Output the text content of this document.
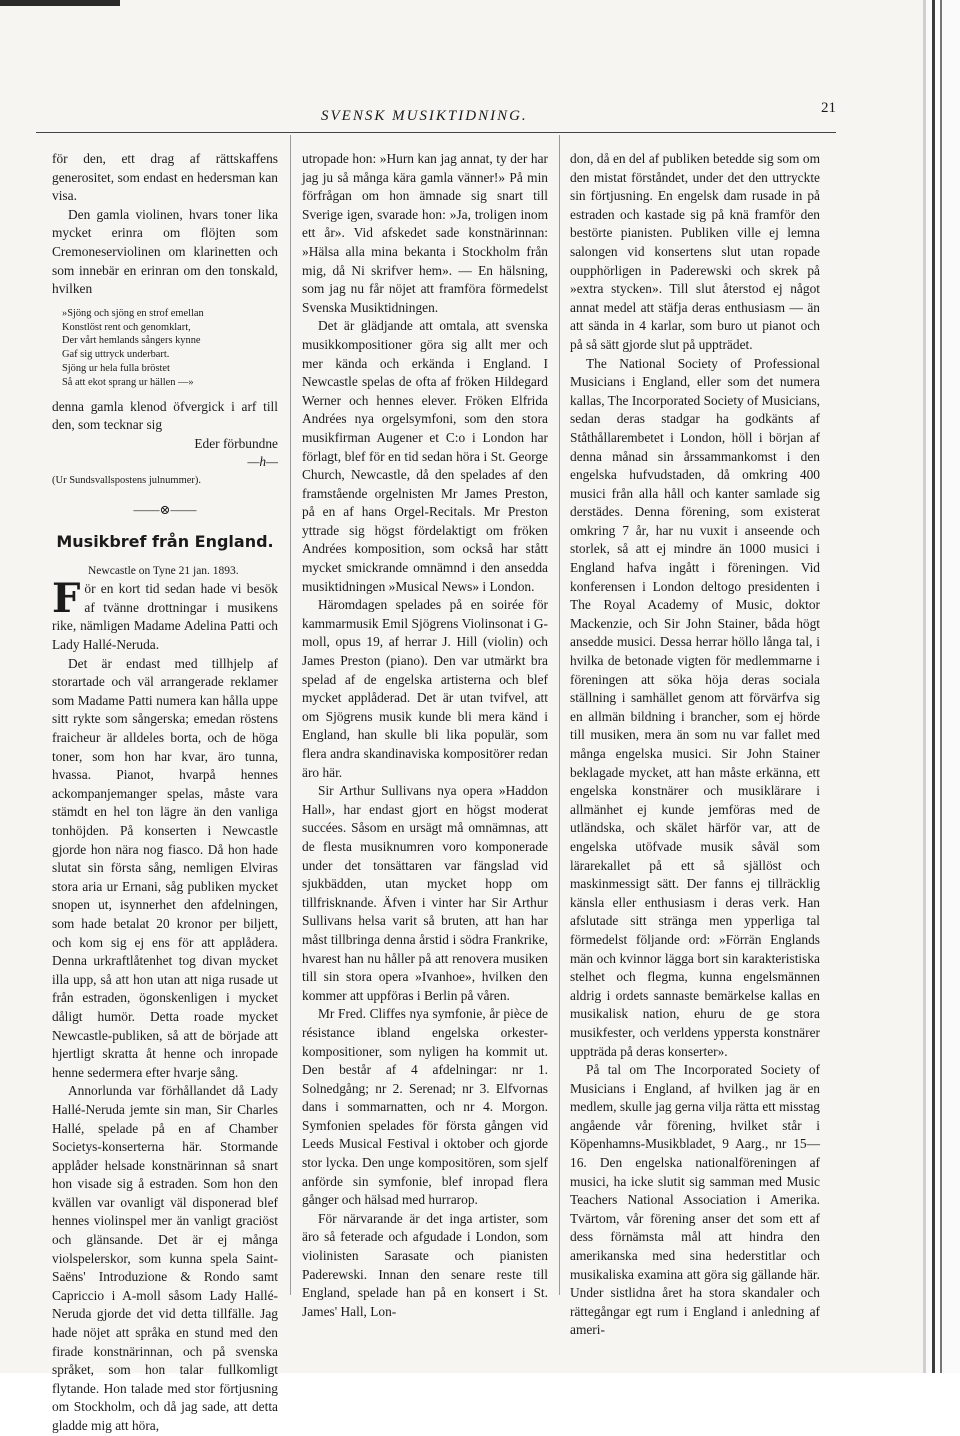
SVENSK MUSIKTIDNING.	21

för den, ett drag af rättskaffens generositet, som endast en hedersman kan visa.

Den gamla violinen, hvars toner lika mycket erinra om flöjten som Cremoneserviolinen om klarinetten och som innebär en erinran om den tonskald, hvilken

»Sjöng och sjöng en strof emellan
Konstlöst rent och genomklart,
Der vårt hemlands sångers kynne
Gaf sig uttryck underbart.
Sjöng ur hela fulla bröstet
Så att ekot sprang ur hällen —»

denna gamla klenod öfvergick i arf till den, som tecknar sig

Eder förbundne

—h—

(Ur Sundsvallspostens julnummer).

——⊗——
Musikbref från England.

Newcastle on Tyne 21 jan. 1893.

För en kort tid sedan hade vi besök af tvänne drottningar i musikens rike, nämligen Madame Adelina Patti och Lady Hallé-Neruda.

Det är endast med tillhjelp af storartade och väl arrangerade reklamer som Madame Patti numera kan hålla uppe sitt rykte som sångerska; emedan röstens fraicheur är alldeles borta, och de höga toner, som hon har kvar, äro tunna, hvassa. Pianot, hvarpå hennes ackompanjemanger spelas, måste vara stämdt en hel ton lägre än den vanliga tonhöjden. På konserten i Newcastle gjorde hon nära nog fiasco. Då hon hade slutat sin första sång, nemligen Elviras stora aria ur Ernani, såg publiken mycket snopen ut, isynnerhet den afdelningen, som hade betalat 20 kronor per biljett, och kom sig ej ens för att applådera. Denna urkraftlåtenhet tog divan mycket illa upp, så att hon utan att niga rusade ut från estraden, ögonskenligen i mycket dåligt humör. Detta roade mycket Newcastle-publiken, så att de började att hjertligt skratta åt henne och inropade henne sedermera efter hvarje sång.

Annorlunda var förhållandet då Lady Hallé-Neruda jemte sin man, Sir Charles Hallé, spelade på en af Chamber Societys-konserterna här. Stormande applåder helsade konstnärinnan så snart hon visade sig å estraden. Som hon den kvällen var ovanligt väl disponerad blef hennes violinspel mer än vanligt graciöst och glänsande. Det är ej många violspelerskor, som kunna spela Saint-Saëns' Introduzione & Rondo samt Capriccio i A-moll såsom Lady Hallé-Neruda gjorde det vid detta tillfälle. Jag hade nöjet att språka en stund med den firade konstnärinnan, och på svenska språket, som hon talar fullkomligt flytande. Hon talade med stor förtjusning om Stockholm, och då jag sade, att detta gladde mig att höra,

utropade hon: »Hurn kan jag annat, ty der har jag ju så många kära gamla vänner!» På min förfrågan om hon ämnade sig snart till Sverige igen, svarade hon: »Ja, troligen inom ett år». Vid afskedet sade konstnärinnan: »Hälsa alla mina bekanta i Stockholm från mig, då Ni skrifver hem». — En hälsning, som jag nu får nöjet att framföra förmedelst Svenska Musiktidningen.

Det är glädjande att omtala, att svenska musikkompositioner göra sig allt mer och mer kända och erkända i England. I Newcastle spelas de ofta af fröken Hildegard Werner och hennes elever. Fröken Elfrida Andrées nya orgelsymfoni, som den stora musikfirman Augener et C:o i London har förlagt, blef för en tid sedan höra i St. George Church, Newcastle, då den spelades af den framstående orgelnisten Mr James Preston, på en af hans Orgel-Recitals. Mr Preston yttrade sig högst fördelaktigt om fröken Andrées komposition, som också har stått mycket smickrande omnämnd i den ansedda musiktidningen »Musical News» i London.

Häromdagen spelades på en soirée för kammarmusik Emil Sjögrens Violinsonat i G-moll, opus 19, af herrar J. Hill (violin) och James Preston (piano). Den var utmärkt bra spelad af de engelska artisterna och blef mycket applåderad. Det är utan tvifvel, att om Sjögrens musik kunde bli mera känd i England, han skulle bli lika populär, som flera andra skandinaviska kompositörer redan äro här.

Sir Arthur Sullivans nya opera »Haddon Hall», har endast gjort en högst moderat succées. Såsom en ursägt må omnämnas, att de flesta musiknumren voro komponerade under det tonsättaren var fängslad vid sjukbädden, utan mycket hopp om tillfrisknande. Äfven i vinter har Sir Arthur Sullivans helsa varit så bruten, att han har måst tillbringa denna årstid i södra Frankrike, hvarest han nu håller på att renovera musiken till sin stora opera »Ivanhoe», hvilken den kommer att uppföras i Berlin på våren.

Mr Fred. Cliffes nya symfonie, år pièce de résistance ibland engelska orkester-kompositioner, som nyligen ha kommit ut. Den består af 4 afdelningar: nr 1. Solnedgång; nr 2. Serenad; nr 3. Elfvornas dans i sommarnatten, och nr 4. Morgon. Symfonien spelades för första gången vid Leeds Musical Festival i oktober och gjorde stor lycka. Den unge kompositören, som sjelf anförde sin symfonie, blef inropad flera gånger och hälsad med hurrarop.

För närvarande är det inga artister, som äro så feterade och afgudade i London, som violinisten Sarasate och pianisten Paderewski. Innan den senare reste till England, spelade han på en konsert i St. James' Hall, Lon-

don, då en del af publiken betedde sig som om den mistat förståndet, under det den uttryckte sin förtjusning. En engelsk dam rusade in på estraden och kastade sig på knä framför den bestörte pianisten. Publiken ville ej lemna salongen vid konsertens slut utan ropade oupphörligen in Paderewski och skrek på »extra stycken». Till slut återstod ej något annat medel att stäfja deras enthusiasm — än att sända in 4 karlar, som buro ut pianot och på så sätt gjorde slut på uppträdet.

The National Society of Professional Musicians i England, eller som det numera kallas, The Incorporated Society of Musicians, sedan deras stadgar ha godkänts af Ståthållarembetet i London, höll i början af denna månad sin årssammankomst i den engelska hufvudstaden, då omkring 400 musici från alla håll och kanter samlade sig derstädes. Denna förening, som existerat omkring 7 år, har nu vuxit i anseende och storlek, så att ej mindre än 1000 musici i England hafva ingått i föreningen. Vid konferensen i London deltogo presidenten i The Royal Academy of Music, doktor Mackenzie, och Sir John Stainer, båda högt ansedde musici. Dessa herrar höllo långa tal, i hvilka de betonade vigten för medlemmarne i föreningen att söka höja deras sociala ställning i samhället genom att förvärfva sig en allmän bildning i brancher, som ej hörde till musiken, mera än som nu var fallet med många engelska musici. Sir John Stainer beklagade mycket, att han måste erkänna, ett engelska konstnärer och musiklärare i allmänhet ej kunde jemföras med de utländska, och skälet härför var, att de engelska utöfvade musik såväl som lärarekallet på ett så själlöst och maskinmessigt sätt. Der fanns ej tillräcklig känsla eller enthusiasm i deras verk. Han afslutade sitt stränga men ypperliga tal förmedelst följande ord: »Förrän Englands män och kvinnor lägga bort sin karakteristiska stelhet och flegma, kunna engelsmännen aldrig i ordets sannaste bemärkelse kallas en musikalisk nation, ehuru de ge stora musikfester, och verldens yppersta konstnärer uppträda på deras konserter».

På tal om The Incorporated Society of Musicians i England, af hvilken jag är en medlem, skulle jag gerna vilja rätta ett misstag angående vår förening, hvilket står i Köpenhamns-Musikbladet, 9 Aarg., nr 15—16. Den engelska nationalföreningen af musici, ha icke slutit sig samman med Music Teachers National Association i Amerika. Tvärtom, vår förening anser det som ett af dess förnämsta mål att hindra den amerikanska med sina hederstitlar och musikaliska examina att göra sig gällande här. Under sistlidna året ha stora skandaler och rättegångar egt rum i England i anledning af ameri-
